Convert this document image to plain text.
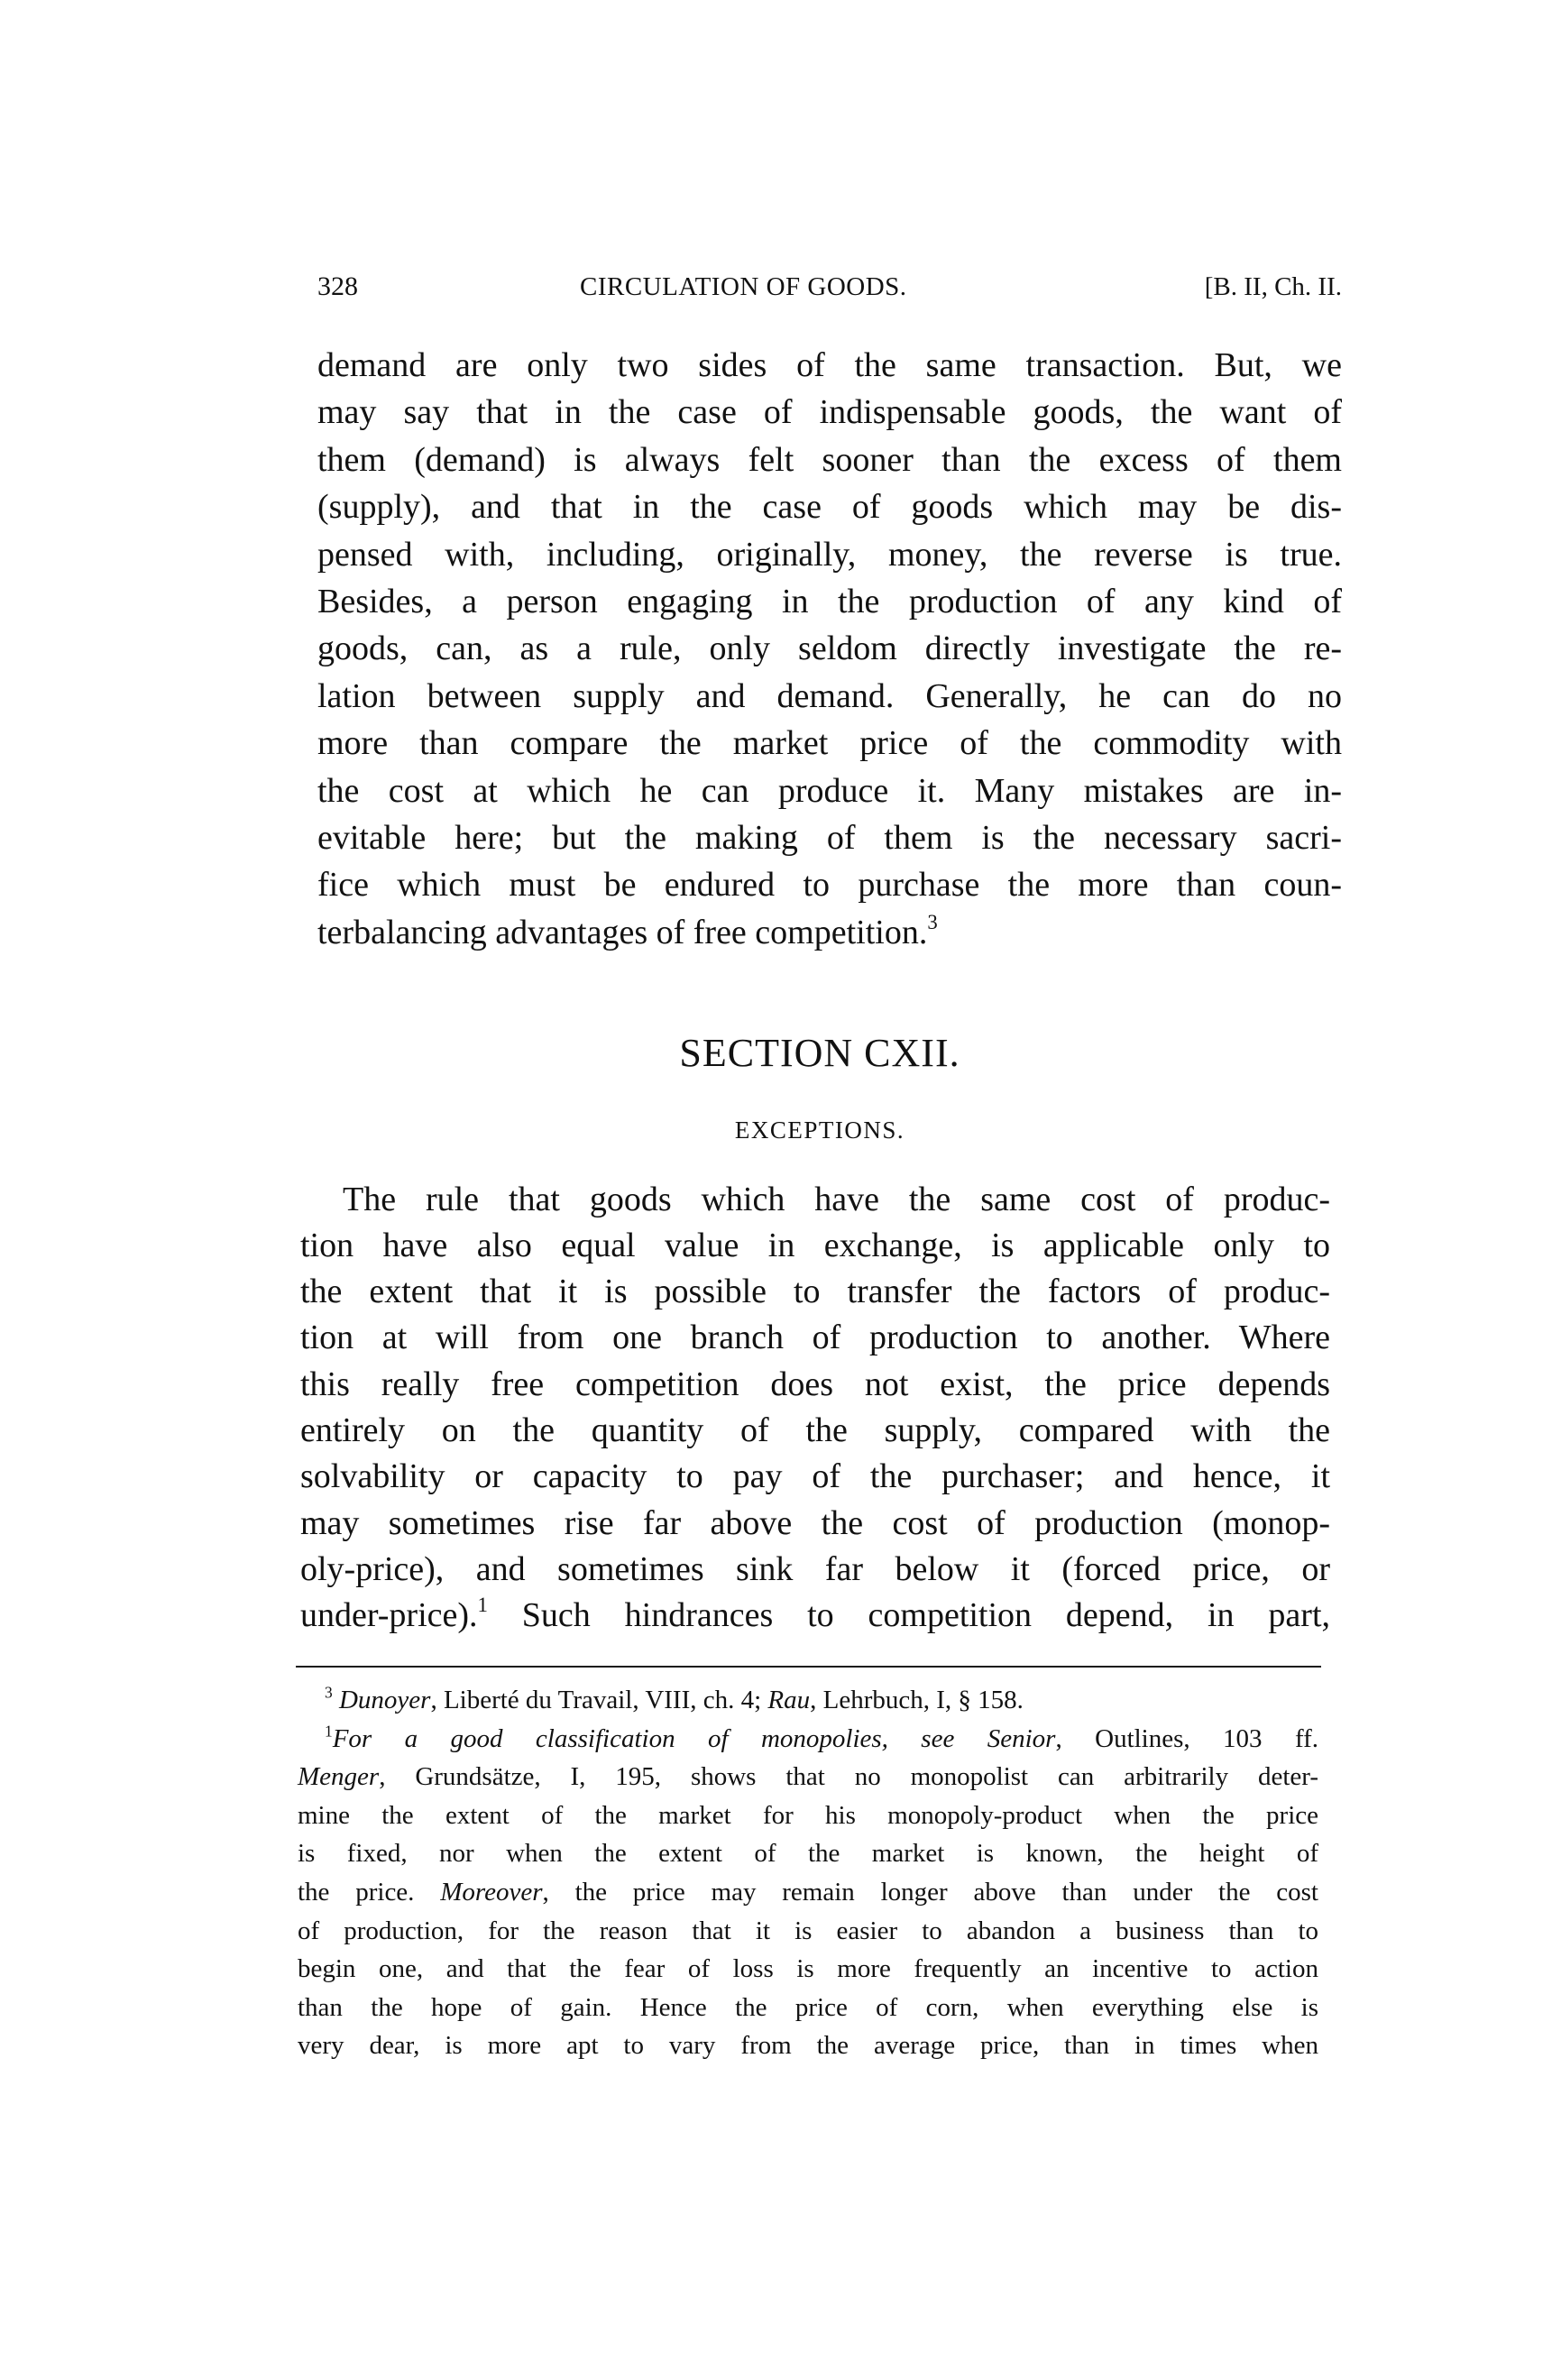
328	CIRCULATION OF GOODS.	[B. II, Ch. II.
demand are only two sides of the same transaction. But, we
may say that in the case of indispensable goods, the want of
them (demand) is always felt sooner than the excess of them
(supply), and that in the case of goods which may be dis-
pensed with, including, originally, money, the reverse is true.
Besides, a person engaging in the production of any kind of
goods, can, as a rule, only seldom directly investigate the re-
lation between supply and demand. Generally, he can do no
more than compare the market price of the commodity with
the cost at which he can produce it. Many mistakes are in-
evitable here; but the making of them is the necessary sacri-
fice which must be endured to purchase the more than coun-
terbalancing advantages of free competition.$^3$
SECTION CXII.
EXCEPTIONS.
The rule that goods which have the same cost of produc-
tion have also equal value in exchange, is applicable only to
the extent that it is possible to transfer the factors of produc-
tion at will from one branch of production to another. Where
this really free competition does not exist, the price depends
entirely on the quantity of the supply, compared with the
solvability or capacity to pay of the purchaser; and hence, it
may sometimes rise far above the cost of production (monop-
oly-price), and sometimes sink far below it (forced price, or
under-price).$^1$ Such hindrances to competition depend, in part,
$^3$ Dunoyer, Liberté du Travail, VIII, ch. 4; Rau, Lehrbuch, I, § 158.
$^1$For a good classification of monopolies, see Senior, Outlines, 103 ff.
Menger, Grundsätze, I, 195, shows that no monopolist can arbitrarily deter-
mine the extent of the market for his monopoly-product when the price
is fixed, nor when the extent of the market is known, the height of
the price. Moreover, the price may remain longer above than under the cost
of production, for the reason that it is easier to abandon a business than to
begin one, and that the fear of loss is more frequently an incentive to action
than the hope of gain. Hence the price of corn, when everything else is
very dear, is more apt to vary from the average price, than in times when
